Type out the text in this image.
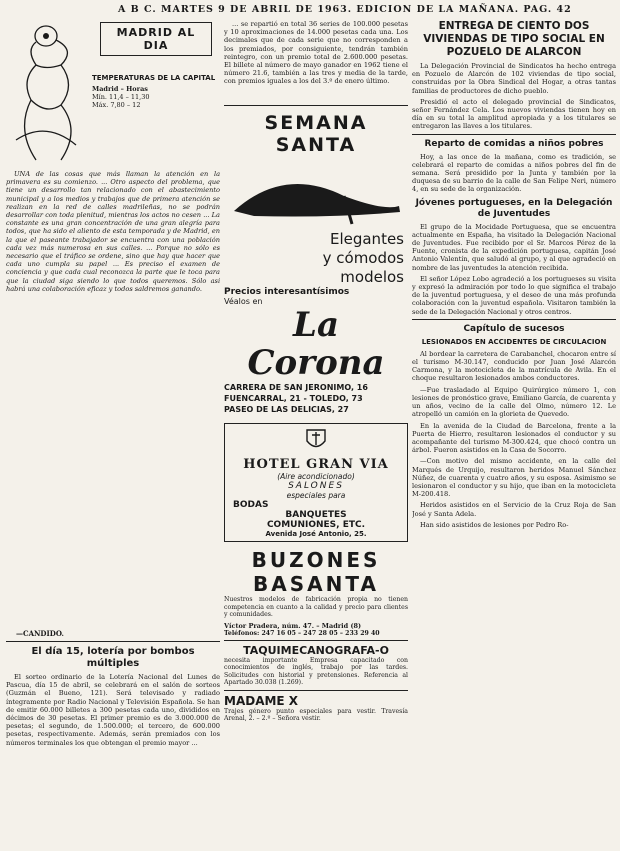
A B C. MARTES 9 DE ABRIL DE 1963. EDICION DE LA MAÑANA. PAG. 42
MADRID AL DIA
TEMPERATURAS DE LA CAPITAL
Madrid – Horas
Mín. 11,4 – 11,30
Máx. 7,80 – 12
UNA de las cosas que más llaman la atención en la primavera es su comienzo. ... Otro aspecto del problema, que tiene un desarrollo tan relacionado con el abastecimiento municipal y a los medios y trabajos que de primera atención se realizan en la red de calles madrileñas, no se podrán desarrollar con toda plenitud, mientras los actos no cesen ... La constante es una gran concentración de una gran alegría para todos, que ha sido el aliento de esta temporada y de Madrid, en la que el paseante trabajador se encuentra con una población cada vez más numerosa en sus calles. ... Porque no sólo es necesario que el tráfico se ordene, sino que hay que hacer que cada uno cumpla su papel ... Es preciso el examen de conciencia y que cada cual reconozca la parte que le toca para que la ciudad siga siendo lo que todos queremos. Sólo así habrá una colaboración eficaz y todos saldremos ganando.
—CANDIDO.
El día 15, lotería por bombos múltiples
El sorteo ordinario de la Lotería Nacional del Lunes de Pascua, día 15 de abril, se celebrará en el salón de sorteos (Guzmán el Bueno, 121). Será televisado y radiado íntegramente por Radio Nacional y Televisión Española. Se han de emitir 60.000 billetes a 300 pesetas cada uno, divididos en décimos de 30 pesetas. El primer premio es de 3.000.000 de pesetas; el segundo, de 1.500.000; el tercero, de 600.000 pesetas, respectivamente. Además, serán premiados con los números terminales los que obtengan el premio mayor ...
... se repartió en total 36 series de 100.000 pesetas y 10 aproximaciones de 14.000 pesetas cada una. Los decimales que de cada serie que no corresponden a los premiados, por consiguiente, tendrán también reintegro, con un premio total de 2.600.000 pesetas. El billete al número de mayo ganador en 1962 tiene el número 21.6, también a las tres y media de la tarde, con premios iguales a los del 3.º de enero último.
SEMANA SANTA
Elegantes
y cómodos
modelos
Precios interesantísimos
Véalos en
La Corona
CARRERA DE SAN JERONIMO, 16
FUENCARRAL, 21 - TOLEDO, 73
PASEO DE LAS DELICIAS, 27
HOTEL GRAN VIA
(Aire acondicionado)
SALONES
especiales para
BODAS
BANQUETES
COMUNIONES, ETC.
Avenida José Antonio, 25.
BUZONES
BASANTA
Nuestros modelos de fabricación propia no tienen competencia en cuanto a la calidad y precio para clientes y comunidades.
Víctor Pradera, núm. 47. – Madrid (8)
Teléfonos: 247 16 05 – 247 28 05 – 233 29 40
TAQUIMECANOGRAFA-O
necesita importante Empresa capacitado con conocimientos de inglés, trabajo por las tardes. Solicitudes con historial y pretensiones. Referencia al Apartado 30.038 (1.269).
MADAME X
Trajes género punto especiales para vestir. Travesía Arenal, 2. – 2.º – Señora vestir.
ENTREGA DE CIENTO DOS VIVIENDAS DE TIPO SOCIAL EN POZUELO DE ALARCON
La Delegación Provincial de Sindicatos ha hecho entrega en Pozuelo de Alarcón de 102 viviendas de tipo social, construidas por la Obra Sindical del Hogar, a otras tantas familias de productores de dicho pueblo.
Presidió el acto el delegado provincial de Sindicatos, señor Fernández Cela. Los nuevos viviendas tienen hoy en día en su total la amplitud apropiada y a los titulares se entregaron las llaves a los titulares.
Reparto de comidas a niños pobres
Hoy, a las once de la mañana, como es tradición, se celebrará el reparto de comidas a niños pobres del fin de semana. Será presidido por la Junta y también por la duquesa de su barrio de la calle de San Felipe Neri, número 4, en su sede de la organización.
Jóvenes portugueses, en la Delegación de Juventudes
El grupo de la Mocidade Portuguesa, que se encuentra actualmente en España, ha visitado la Delegación Nacional de Juventudes. Fue recibido por el Sr. Marcos Pérez de la Fuente, cronista de la expedición portuguesa, capitán José Antonio Valentín, que saludó al grupo, y al que agradeció en nombre de las juventudes la atención recibida.
El señor López Lobo agradeció a los portugueses su visita y expresó la admiración por todo lo que significa el trabajo de la juventud portuguesa, y el deseo de una más profunda colaboración con la juventud española. Visitaron también la sede de la Delegación Nacional y otros centros.
Capítulo de sucesos
LESIONADOS EN ACCIDENTES DE CIRCULACION
Al bordear la carretera de Carabanchel, chocaron entre sí el turismo M-30.147, conducido por Juan José Alarcón Carmona, y la motocicleta de la matrícula de Avila. En el choque resultaron lesionados ambos conductores.
—Fue trasladado al Equipo Quirúrgico número 1, con lesiones de pronóstico grave, Emiliano García, de cuarenta y un años, vecino de la calle del Olmo, número 12. Le atropelló un camión en la glorieta de Quevedo.
En la avenida de la Ciudad de Barcelona, frente a la Puerta de Hierro, resultaron lesionados el conductor y su acompañante del turismo M-300.424, que chocó contra un árbol. Fueron asistidos en la Casa de Socorro.
—Con motivo del mismo accidente, en la calle del Marqués de Urquijo, resultaron heridos Manuel Sánchez Núñez, de cuarenta y cuatro años, y su esposa. Asimismo se lesionaron el conductor y su hijo, que iban en la motocicleta M-200.418.
Heridos asistidos en el Servicio de la Cruz Roja de San José y Santa Adela.
Han sido asistidos de lesiones por Pedro Ro-
